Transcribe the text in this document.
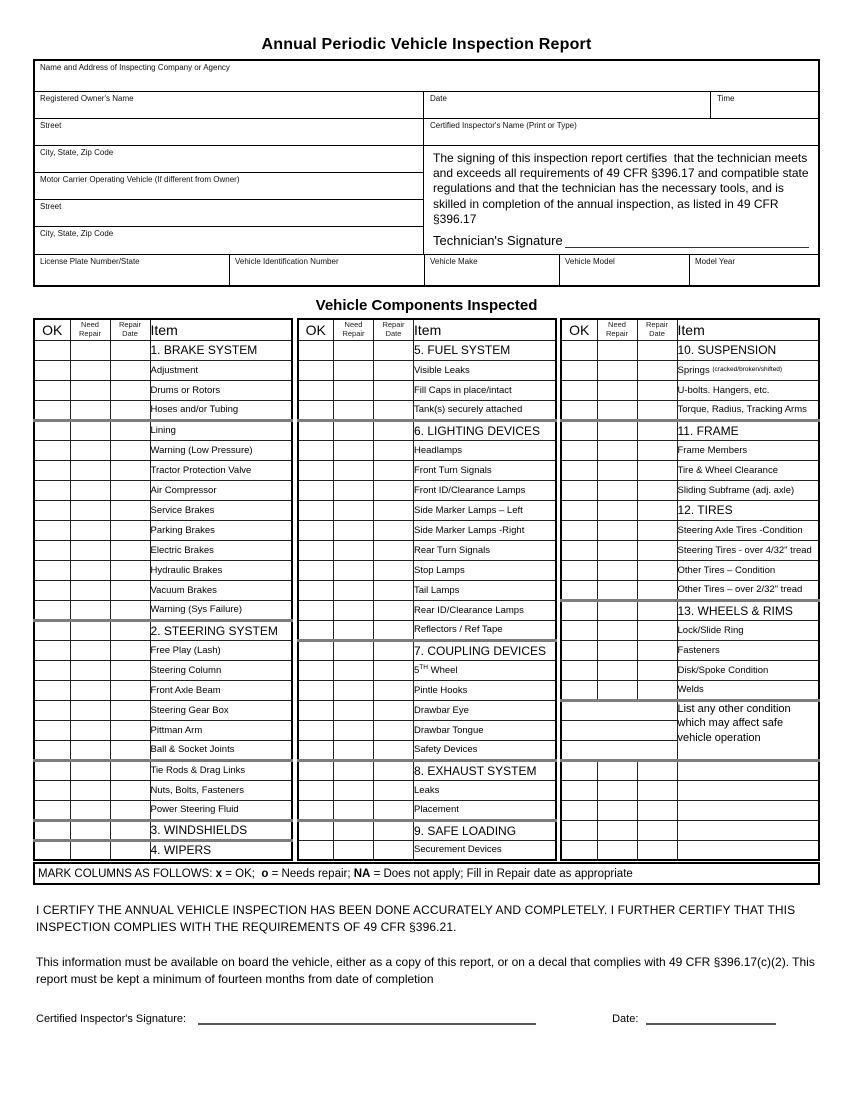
Annual Periodic Vehicle Inspection Report
Name and Address of Inspecting Company or Agency
Registered Owner's Name
Street
City, State, Zip Code
Motor Carrier Operating Vehicle (If different from Owner)
Street
City, State, Zip Code
Date	Time
Certified Inspector's Name (Print or Type)
The signing of this inspection report certifies  that the technician meets and exceeds all requirements of 49 CFR §396.17 and compatible state regulations and that the technician has the necessary tools, and is skilled in completion of the annual inspection, as listed in 49 CFR §396.17
Technician's Signature
License Plate Number/State	Vehicle Identification Number	Vehicle Make	Vehicle Model	Model Year
Vehicle Components Inspected
OK	Need Repair	Repair Date	Item
			1. BRAKE SYSTEM
			Adjustment
			Drums or Rotors
			Hoses and/or Tubing
			Lining
			Warning (Low Pressure)
			Tractor Protection Valve
			Air Compressor
			Service Brakes
			Parking Brakes
			Electric Brakes
			Hydraulic Brakes
			Vacuum Brakes
			Warning (Sys Failure)
			2. STEERING SYSTEM
			Free Play (Lash)
			Steering Column
			Front Axle Beam
			Steering Gear Box
			Pittman Arm
			Ball & Socket Joints
			Tie Rods & Drag Links
			Nuts, Bolts, Fasteners
			Power Steering Fluid
			3. WINDSHIELDS
			4. WIPERS
OK	Need Repair	Repair Date	Item
			5. FUEL SYSTEM
			Visible Leaks
			Fill Caps in place/intact
			Tank(s) securely attached
			6. LIGHTING DEVICES
			Headlamps
			Front Turn Signals
			Front ID/Clearance Lamps
			Side Marker Lamps – Left
			Side Marker Lamps -Right
			Rear Turn Signals
			Stop Lamps
			Tail Lamps
			Rear ID/Clearance Lamps
			Reflectors / Ref Tape
			7. COUPLING DEVICES
			5TH Wheel
			Pintle Hooks
			Drawbar Eye
			Drawbar Tongue
			Safety Devices
			8. EXHAUST SYSTEM
			Leaks
			Placement
			9. SAFE LOADING
			Securement Devices
OK	Need Repair	Repair Date	Item
			10. SUSPENSION
			Springs $^{(cracked/broken/shifted)}$
			U-bolts. Hangers, etc.
			Torque, Radius, Tracking Arms
			11. FRAME
			Frame Members
			Tire & Wheel Clearance
			Sliding Subframe (adj. axle)
			12. TIRES
			Steering Axle Tires -Condition
			Steering Tires - over 4/32" tread
			Other Tires – Condition
			Other Tires – over 2/32" tread
			13. WHEELS & RIMS
			Lock/Slide Ring
			Fasteners
			Disk/Spoke Condition
			Welds
			List any other condition which may affect safe vehicle operation

MARK COLUMNS AS FOLLOWS: x = OK; o = Needs repair; NA = Does not apply; Fill in Repair date as appropriate

I CERTIFY THE ANNUAL VEHICLE INSPECTION HAS BEEN DONE ACCURATELY AND COMPLETELY. I FURTHER CERTIFY THAT THIS INSPECTION COMPLIES WITH THE REQUIREMENTS OF 49 CFR §396.21.

This information must be available on board the vehicle, either as a copy of this report, or on a decal that complies with 49 CFR §396.17(c)(2). This report must be kept a minimum of fourteen months from date of completion

Certified Inspector's Signature:	Date:
